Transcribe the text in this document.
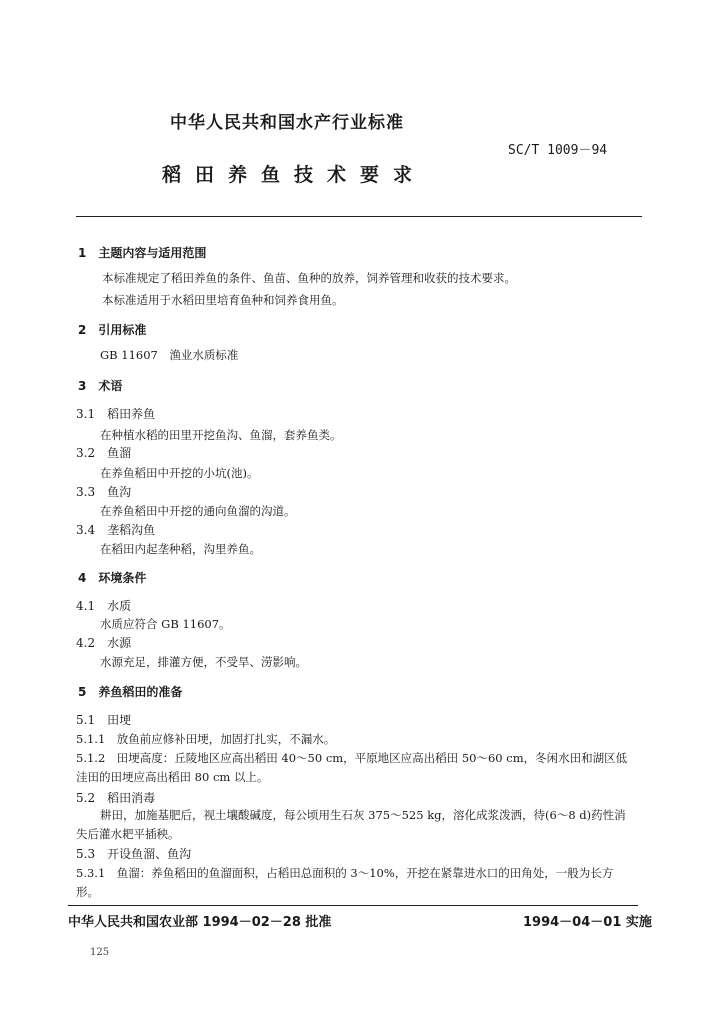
中华人民共和国水产行业标准
SC/T 1009－94
稻田养鱼技术要求
1　主题内容与适用范围
本标准规定了稻田养鱼的条件、鱼苗、鱼种的放养，饲养管理和收获的技术要求。
本标准适用于水稻田里培育鱼种和饲养食用鱼。
2　引用标准
GB 11607　渔业水质标准
3　术语
3.1　稻田养鱼
在种植水稻的田里开挖鱼沟、鱼溜，套养鱼类。
3.2　鱼溜
在养鱼稻田中开挖的小坑(池)。
3.3　鱼沟
在养鱼稻田中开挖的通向鱼溜的沟道。
3.4　垄稻沟鱼
在稻田内起垄种稻，沟里养鱼。
4　环境条件
4.1　水质
水质应符合 GB 11607。
4.2　水源
水源充足，排灌方便，不受旱、涝影响。
5　养鱼稻田的准备
5.1　田埂
5.1.1　放鱼前应修补田埂，加固打扎实，不漏水。
5.1.2　田埂高度：丘陵地区应高出稻田 40～50 cm，平原地区应高出稻田 50～60 cm，冬闲水田和湖区低洼田的田埂应高出稻田 80 cm 以上。
5.2　稻田消毒
耕田，加施基肥后，视土壤酸碱度，每公顷用生石灰 375～525 kg，溶化成浆泼洒，待(6～8 d)药性消失后灌水耙平插秧。
5.3　开设鱼溜、鱼沟
5.3.1　鱼溜：养鱼稻田的鱼溜面积，占稻田总面积的 3～10%，开挖在紧靠进水口的田角处，一般为长方形。
中华人民共和国农业部 1994－02－28 批准	1994－04－01 实施
125
